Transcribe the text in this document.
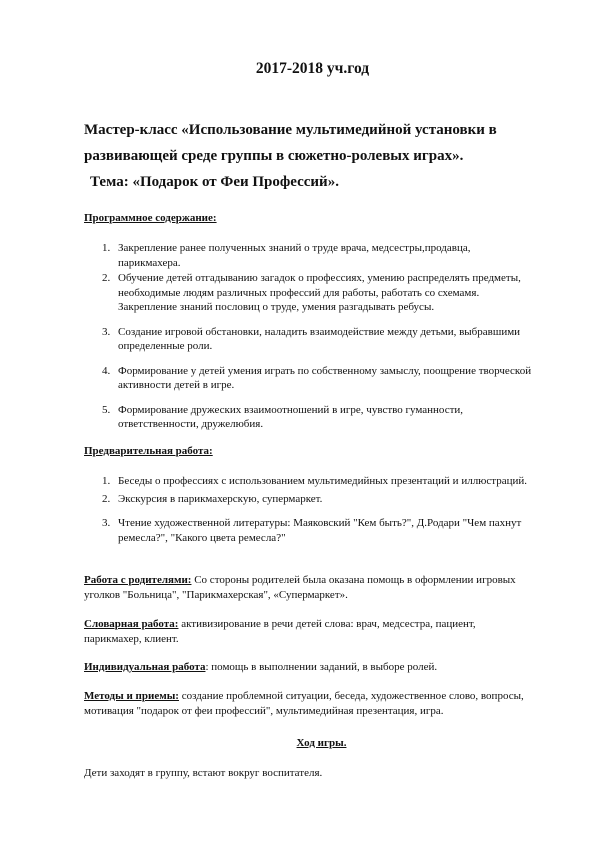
2017-2018 уч.год
Мастер-класс «Использование мультимедийной установки в развивающей среде группы в сюжетно-ролевых играх».
Тема: «Подарок от Феи Профессий».
Программное содержание:
1. Закрепление ранее полученных знаний о труде врача, медсестры,продавца, парикмахера.
2. Обучение детей отгадыванию загадок о профессиях, умению распределять предметы, необходимые людям различных профессий для работы, работать со схемамя. Закрепление знаний пословиц о труде, умения разгадывать ребусы.
3. Создание игровой обстановки, наладить взаимодействие между детьми, выбравшими определенные роли.
4. Формирование у детей умения играть по собственному замыслу, поощрение творческой активности детей в игре.
5. Формирование дружеских взаимоотношений в игре, чувство гуманности, ответственности, дружелюбия.
Предварительная работа:
1. Беседы о профессиях с использованием мультимедийных презентаций и иллюстраций.
2. Экскурсия в парикмахерскую, супермаркет.
3. Чтение художественной литературы: Маяковский "Кем быть?", Д.Родари "Чем пахнут ремесла?", "Какого цвета ремесла?"
Работа с родителями: Со стороны родителей была оказана помощь в оформлении игровых уголков "Больница", "Парикмахерская", «Супермаркет».
Словарная работа: активизирование в речи детей слова: врач, медсестра, пациент, парикмахер, клиент.
Индивидуальная работа: помощь в выполнении заданий, в выборе ролей.
Методы и приемы: создание проблемной ситуации, беседа, художественное слово, вопросы, мотивация "подарок от феи профессий", мультимедийная презентация, игра.
Ход игры.
Дети заходят в группу, встают вокруг воспитателя.
